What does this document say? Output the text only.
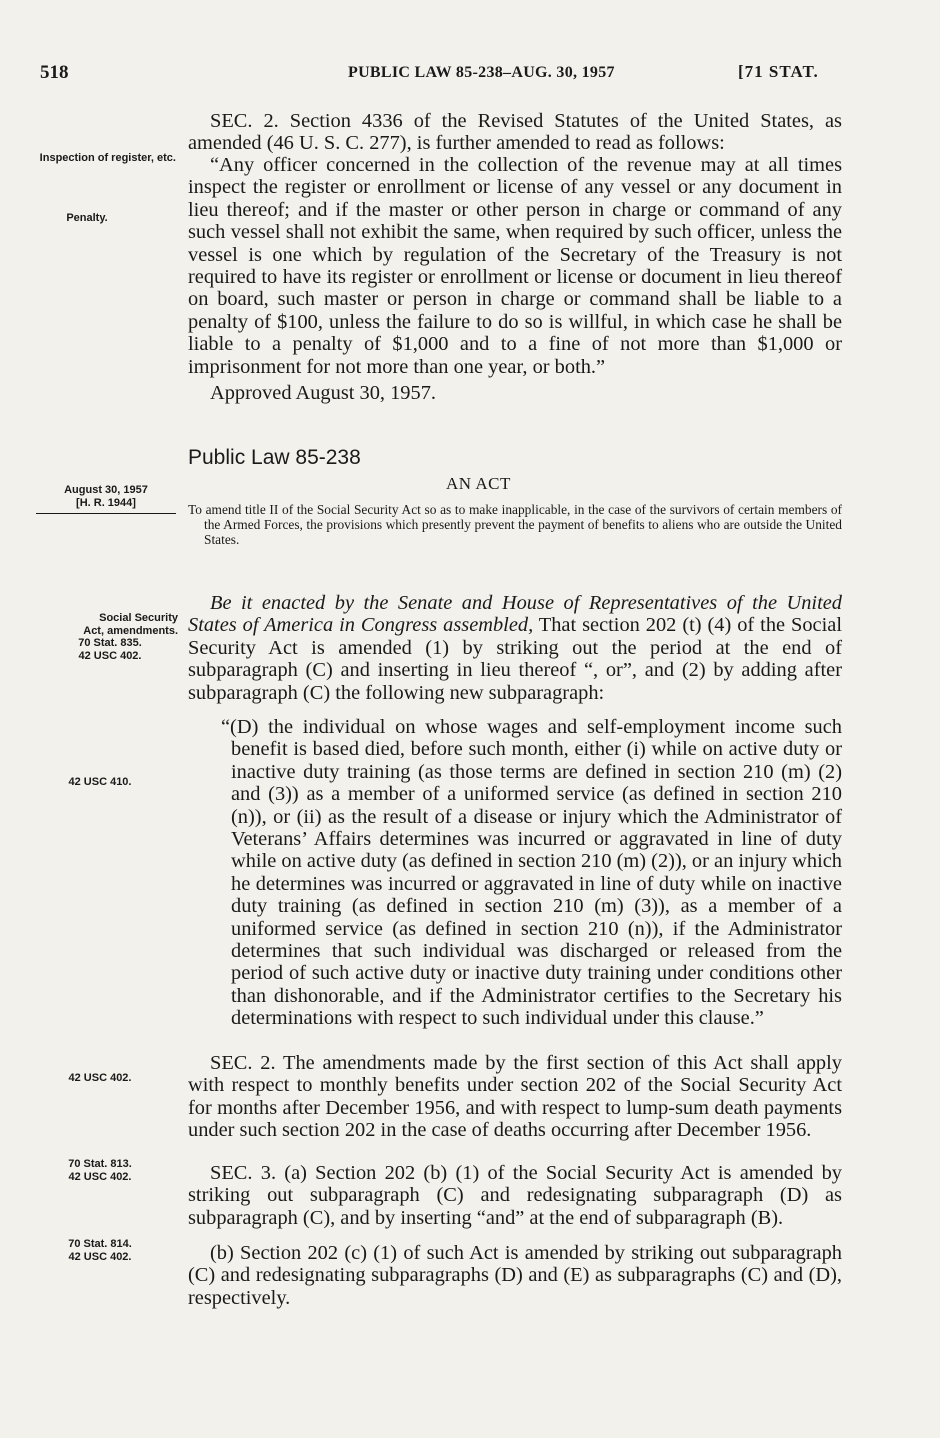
518	PUBLIC LAW 85-238–AUG. 30, 1957	[71 STAT.
SEC. 2. Section 4336 of the Revised Statutes of the United States, as amended (46 U. S. C. 277), is further amended to read as follows:
“Any officer concerned in the collection of the revenue may at all times inspect the register or enrollment or license of any vessel or any document in lieu thereof; and if the master or other person in charge or command of any such vessel shall not exhibit the same, when required by such officer, unless the vessel is one which by regulation of the Secretary of the Treasury is not required to have its register or enrollment or license or document in lieu thereof on board, such master or person in charge or command shall be liable to a penalty of $100, unless the failure to do so is willful, in which case he shall be liable to a penalty of $1,000 and to a fine of not more than $1,000 or imprisonment for not more than one year, or both.”
Approved August 30, 1957.
Inspection of register, etc.
Penalty.
Public Law 85-238
AN ACT
August 30, 1957
[H. R. 1944]	To amend title II of the Social Security Act so as to make inapplicable, in the case of the survivors of certain members of the Armed Forces, the provisions which presently prevent the payment of benefits to aliens who are outside the United States.
Be it enacted by the Senate and House of Representatives of the United States of America in Congress assembled, That section 202 (t) (4) of the Social Security Act is amended (1) by striking out the period at the end of subparagraph (C) and inserting in lieu thereof “, or”, and (2) by adding after subparagraph (C) the following new subparagraph:
Social Security
Act, amendments.
70 Stat. 835.
42 USC 402.
“(D) the individual on whose wages and self-employment income such benefit is based died, before such month, either (i) while on active duty or inactive duty training (as those terms are defined in section 210 (m) (2) and (3)) as a member of a uniformed service (as defined in section 210 (n)), or (ii) as the result of a disease or injury which the Administrator of Veterans’ Affairs determines was incurred or aggravated in line of duty while on active duty (as defined in section 210 (m) (2)), or an injury which he determines was incurred or aggravated in line of duty while on inactive duty training (as defined in section 210 (m) (3)), as a member of a uniformed service (as defined in section 210 (n)), if the Administrator determines that such individual was discharged or released from the period of such active duty or inactive duty training under conditions other than dishonorable, and if the Administrator certifies to the Secretary his determinations with respect to such individual under this clause.”
42 USC 410.
SEC. 2. The amendments made by the first section of this Act shall apply with respect to monthly benefits under section 202 of the Social Security Act for months after December 1956, and with respect to lump-sum death payments under such section 202 in the case of deaths occurring after December 1956.
42 USC 402.
SEC. 3. (a) Section 202 (b) (1) of the Social Security Act is amended by striking out subparagraph (C) and redesignating subparagraph (D) as subparagraph (C), and by inserting “and” at the end of subparagraph (B).
70 Stat. 813.
42 USC 402.
(b) Section 202 (c) (1) of such Act is amended by striking out subparagraph (C) and redesignating subparagraphs (D) and (E) as subparagraphs (C) and (D), respectively.
70 Stat. 814.
42 USC 402.
